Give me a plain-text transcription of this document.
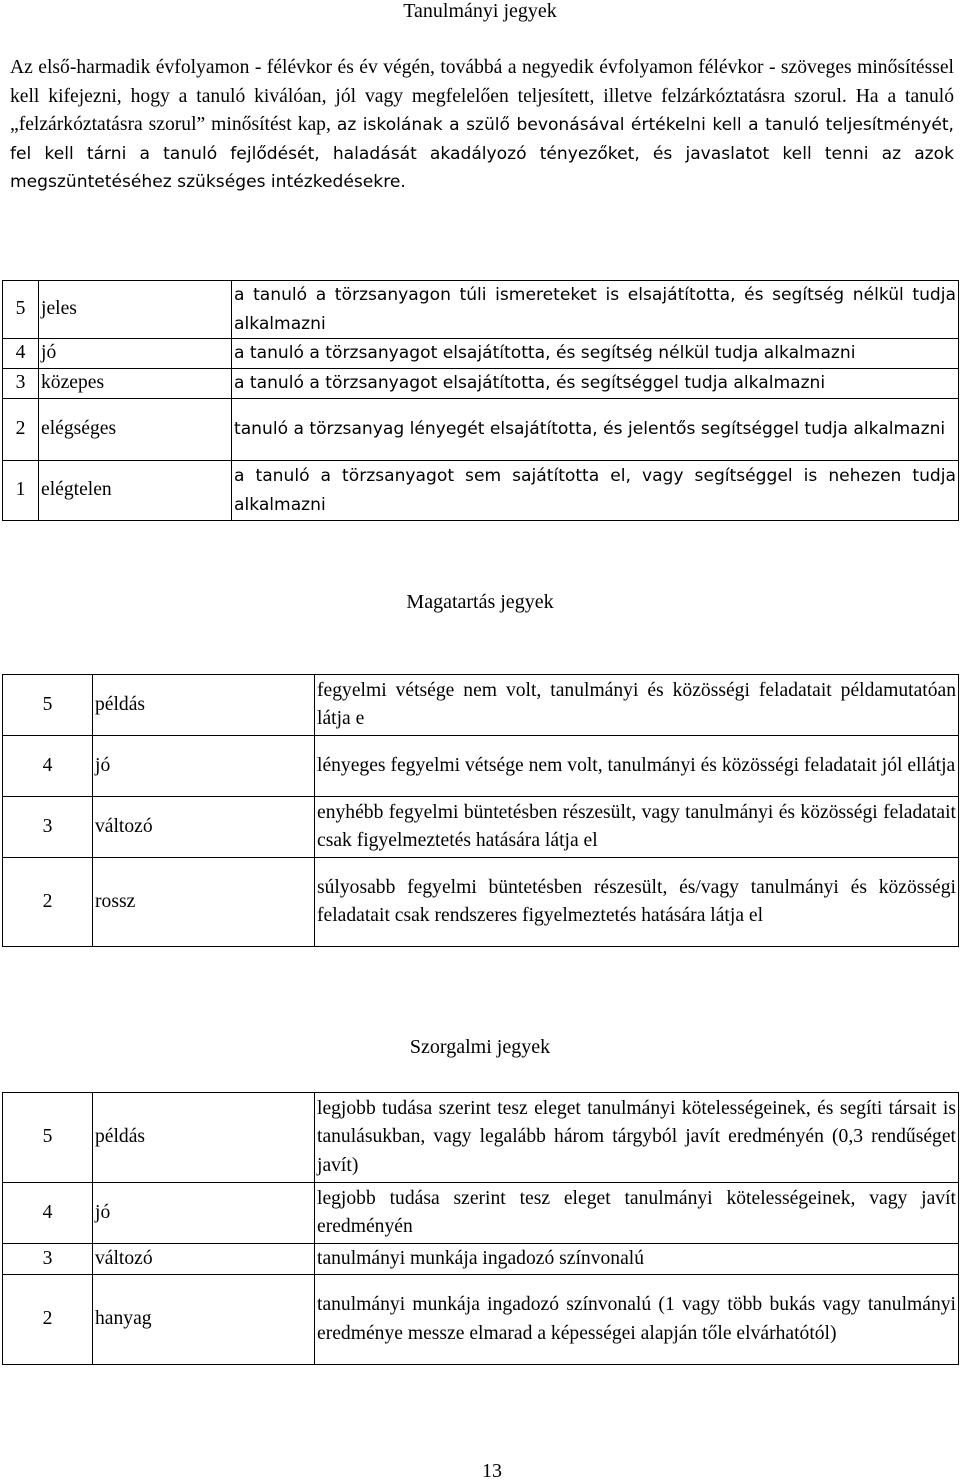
Tanulmányi jegyek
Az első-harmadik évfolyamon - félévkor és év végén, továbbá a negyedik évfolyamon félévkor - szöveges minősítéssel kell kifejezni, hogy a tanuló kiválóan, jól vagy megfelelően teljesített, illetve felzárkóztatásra szorul. Ha a tanuló „felzárkóztatásra szorul” minősítést kap, az iskolának a szülő bevonásával értékelni kell a tanuló teljesítményét, fel kell tárni a tanuló fejlődését, haladását akadályozó tényezőket, és javaslatot kell tenni az azok megszüntetéséhez szükséges intézkedésekre.
5	jeles	a tanuló a törzsanyagon túli ismereteket is elsajátította, és segítség nélkül tudja alkalmazni
4	jó	a tanuló a törzsanyagot elsajátította, és segítség nélkül tudja alkalmazni
3	közepes	a tanuló a törzsanyagot elsajátította, és segítséggel tudja alkalmazni
2	elégséges	tanuló a törzsanyag lényegét elsajátította, és jelentős segítséggel tudja alkalmazni
1	elégtelen	a tanuló a törzsanyagot sem sajátította el, vagy segítséggel is nehezen tudja alkalmazni
Magatartás jegyek
5	példás	fegyelmi vétsége nem volt, tanulmányi és közösségi feladatait példamutatóan látja e
4	jó	lényeges fegyelmi vétsége nem volt, tanulmányi és közösségi feladatait jól ellátja
3	változó	enyhébb fegyelmi büntetésben részesült, vagy tanulmányi és közösségi feladatait csak figyelmeztetés hatására látja el
2	rossz	súlyosabb fegyelmi büntetésben részesült, és/vagy tanulmányi és közösségi feladatait csak rendszeres figyelmeztetés hatására látja el
Szorgalmi jegyek
5	példás	legjobb tudása szerint tesz eleget tanulmányi kötelességeinek, és segíti társait is tanulásukban, vagy legalább három tárgyból javít eredményén (0,3 rendűséget javít)
4	jó	legjobb tudása szerint tesz eleget tanulmányi kötelességeinek, vagy javít eredményén
3	változó	tanulmányi munkája ingadozó színvonalú
2	hanyag	tanulmányi munkája ingadozó színvonalú (1 vagy több bukás vagy tanulmányi eredménye messze elmarad a képességei alapján tőle elvárhatótól)
13
